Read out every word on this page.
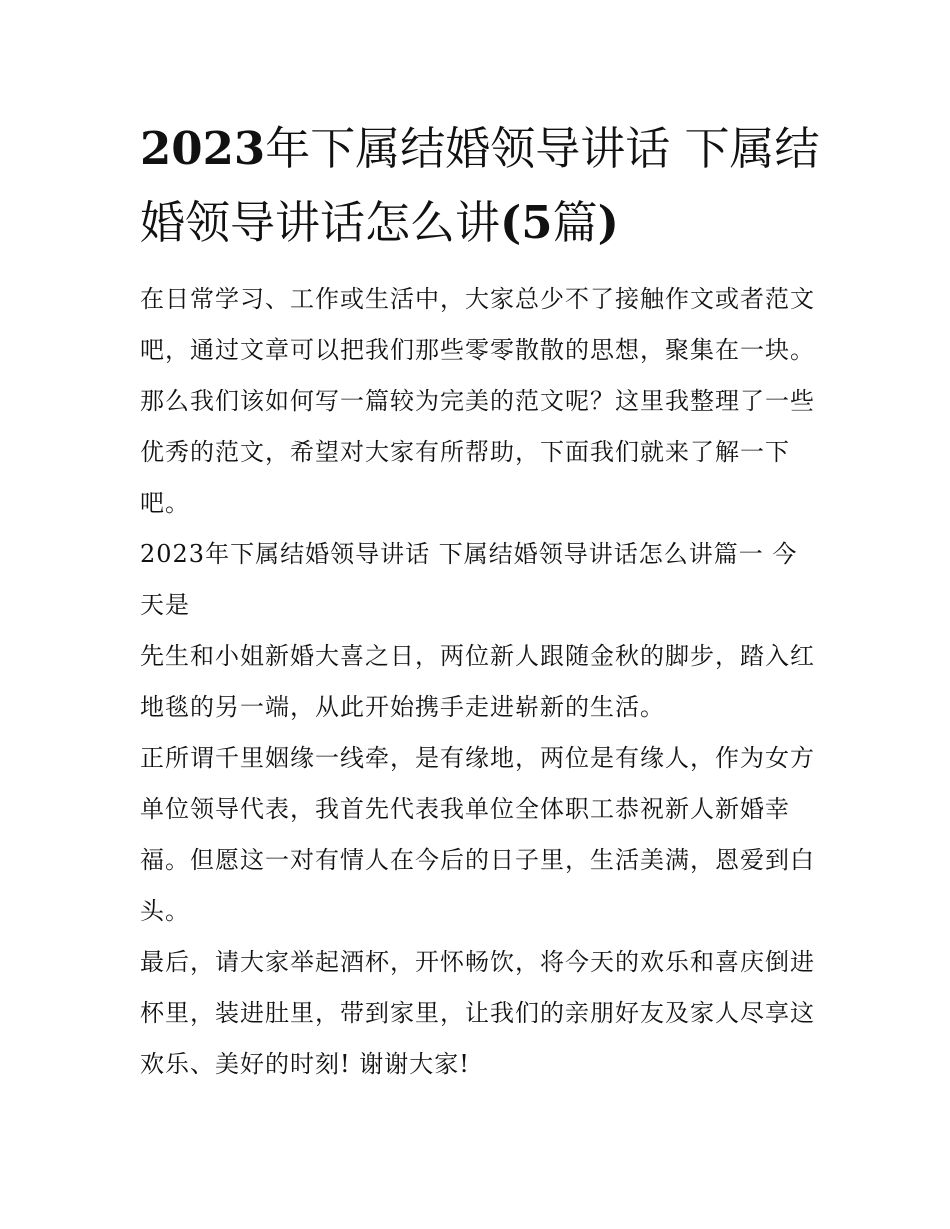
2023年下属结婚领导讲话 下属结婚领导讲话怎么讲(5篇)

在日常学习、工作或生活中，大家总少不了接触作文或者范文吧，通过文章可以把我们那些零零散散的思想，聚集在一块。那么我们该如何写一篇较为完美的范文呢？这里我整理了一些优秀的范文，希望对大家有所帮助，下面我们就来了解一下吧。

2023年下属结婚领导讲话 下属结婚领导讲话怎么讲篇一 今天是

先生和小姐新婚大喜之日，两位新人跟随金秋的脚步，踏入红地毯的另一端，从此开始携手走进崭新的生活。

正所谓千里姻缘一线牵，是有缘地，两位是有缘人，作为女方单位领导代表，我首先代表我单位全体职工恭祝新人新婚幸福。但愿这一对有情人在今后的日子里，生活美满，恩爱到白头。

最后，请大家举起酒杯，开怀畅饮，将今天的欢乐和喜庆倒进杯里，装进肚里，带到家里，让我们的亲朋好友及家人尽享这欢乐、美好的时刻! 谢谢大家!
